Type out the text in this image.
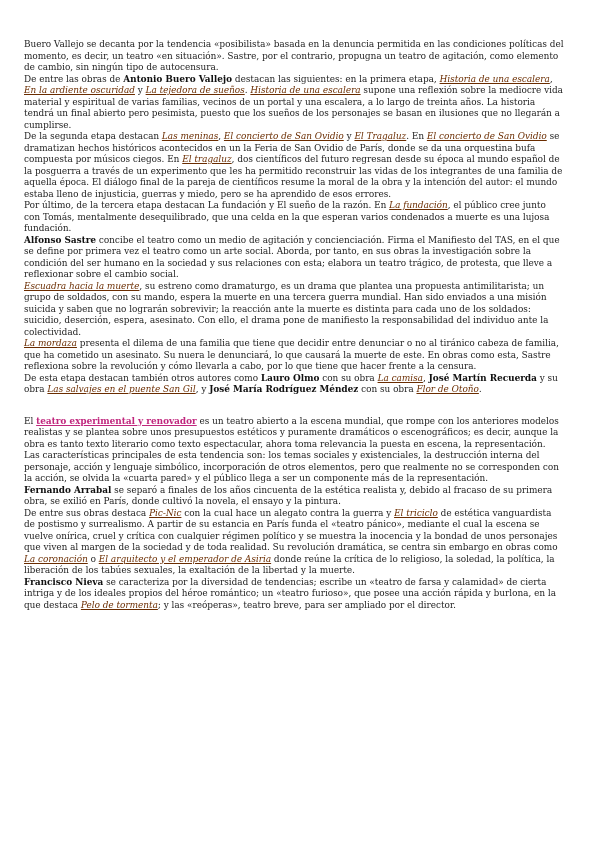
Buero Vallejo se decanta por la tendencia «posibilista» basada en la denuncia permitida en las condiciones políticas del momento, es decir, un teatro «en situación». Sastre, por el contrario, propugna un teatro de agitación, como elemento de cambio, sin ningún tipo de autocensura.

De entre las obras de Antonio Buero Vallejo destacan las siguientes: en la primera etapa, Historia de una escalera, En la ardiente oscuridad y La tejedora de sueños. Historia de una escalera supone una reflexión sobre la mediocre vida material y espiritual de varias familias, vecinos de un portal y una escalera, a lo largo de treinta años. La historia tendrá un final abierto pero pesimista, puesto que los sueños de los personajes se basan en ilusiones que no llegarán a cumplirse.

De la segunda etapa destacan Las meninas, El concierto de San Ovidio y El Tragaluz. En El concierto de San Ovidio se dramatizan hechos históricos acontecidos en un la Feria de San Ovidio de París, donde se da una orquestina bufa compuesta por músicos ciegos. En El tragaluz, dos científicos del futuro regresan desde su época al mundo español de la posguerra a través de un experimento que les ha permitido reconstruir las vidas de los integrantes de una familia de aquella época. El diálogo final de la pareja de científicos resume la moral de la obra y la intención del autor: el mundo estaba lleno de injusticia, guerras y miedo, pero se ha aprendido de esos errores.

Por último, de la tercera etapa destacan La fundación y El sueño de la razón. En La fundación, el público cree junto con Tomás, mentalmente desequilibrado, que una celda en la que esperan varios condenados a muerte es una lujosa fundación.

Alfonso Sastre concibe el teatro como un medio de agitación y concienciación. Firma el Manifiesto del TAS, en el que se define por primera vez el teatro como un arte social. Aborda, por tanto, en sus obras la investigación sobre la condición del ser humano en la sociedad y sus relaciones con esta; elabora un teatro trágico, de protesta, que lleve a reflexionar sobre el cambio social.

Escuadra hacia la muerte, su estreno como dramaturgo, es un drama que plantea una propuesta antimilitarista; un grupo de soldados, con su mando, espera la muerte en una tercera guerra mundial. Han sido enviados a una misión suicida y saben que no lograrán sobrevivir; la reacción ante la muerte es distinta para cada uno de los soldados: suicidio, deserción, espera, asesinato. Con ello, el drama pone de manifiesto la responsabilidad del individuo ante la colectividad.

La mordaza presenta el dilema de una familia que tiene que decidir entre denunciar o no al tiránico cabeza de familia, que ha cometido un asesinato. Su nuera le denunciará, lo que causará la muerte de este. En obras como esta, Sastre reflexiona sobre la revolución y cómo llevarla a cabo, por lo que tiene que hacer frente a la censura.

De esta etapa destacan también otros autores como Lauro Olmo con su obra La camisa, José Martín Recuerda y su obra Las salvajes en el puente San Gil, y José María Rodríguez Méndez con su obra Flor de Otoño.

El teatro experimental y renovador es un teatro abierto a la escena mundial, que rompe con los anteriores modelos realistas y se plantea sobre unos presupuestos estéticos y puramente dramáticos o escenográficos; es decir, aunque la obra es tanto texto literario como texto espectacular, ahora toma relevancia la puesta en escena, la representación. Las características principales de esta tendencia son: los temas sociales y existenciales, la destrucción interna del personaje, acción y lenguaje simbólico, incorporación de otros elementos, pero que realmente no se corresponden con la acción, se olvida la «cuarta pared» y el público llega a ser un componente más de la representación.

Fernando Arrabal se separó a finales de los años cincuenta de la estética realista y, debido al fracaso de su primera obra, se exilió en París, donde cultivó la novela, el ensayo y la pintura.

De entre sus obras destaca Pic-Nic con la cual hace un alegato contra la guerra y El triciclo de estética vanguardista de postismo y surrealismo. A partir de su estancia en París funda el «teatro pánico», mediante el cual la escena se vuelve onírica, cruel y crítica con cualquier régimen político y se muestra la inocencia y la bondad de unos personajes que viven al margen de la sociedad y de toda realidad. Su revolución dramática, se centra sin embargo en obras como La coronación o El arquitecto y el emperador de Asiria donde reúne la crítica de lo religioso, la soledad, la política, la liberación de los tabúes sexuales, la exaltación de la libertad y la muerte.

Francisco Nieva se caracteriza por la diversidad de tendencias; escribe un «teatro de farsa y calamidad» de cierta intriga y de los ideales propios del héroe romántico; un «teatro furioso», que posee una acción rápida y burlona, en la que destaca Pelo de tormenta; y las «reóperas», teatro breve, para ser ampliado por el director.
